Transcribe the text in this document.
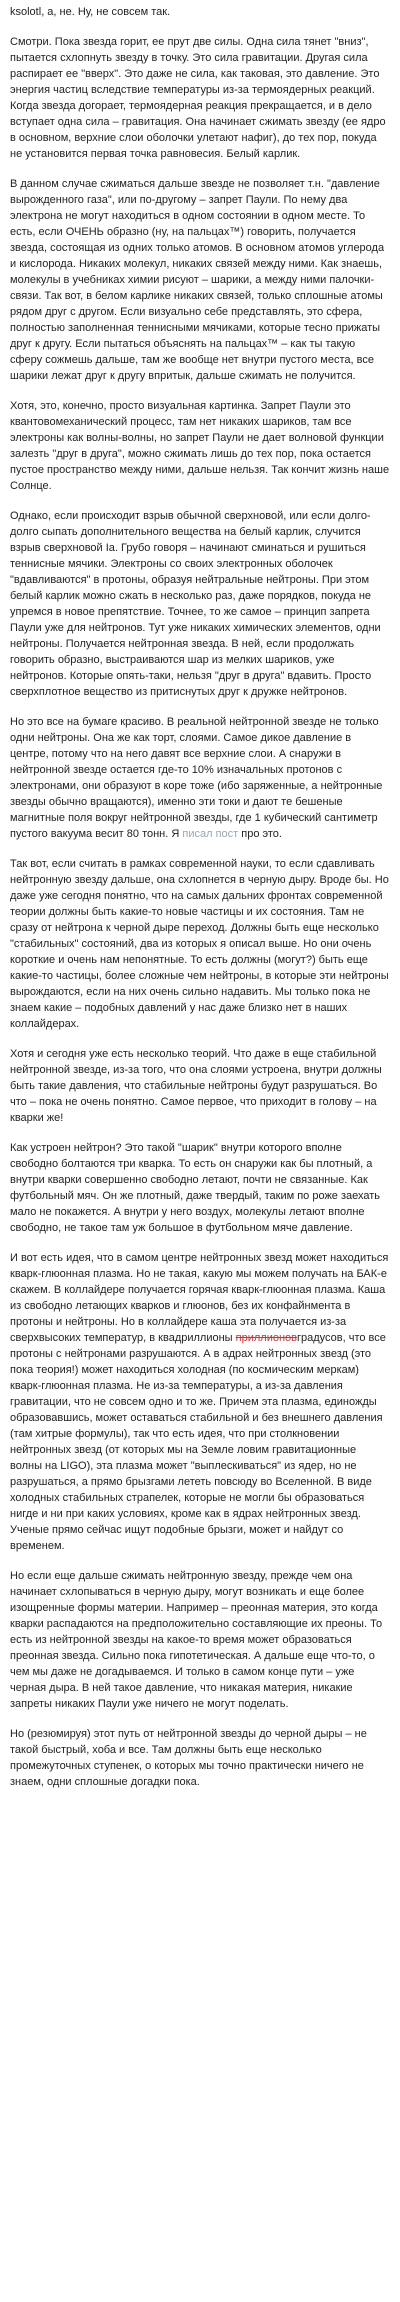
ksolotl, а, не. Ну, не совсем так.

Смотри. Пока звезда горит, ее прут две силы. Одна сила тянет "вниз", пытается схлопнуть звезду в точку. Это сила гравитации. Другая сила распирает ее "вверх". Это даже не сила, как таковая, это давление. Это энергия частиц вследствие температуры из-за термоядерных реакций. Когда звезда догорает, термоядерная реакция прекращается, и в дело вступает одна сила – гравитация. Она начинает сжимать звезду (ее ядро в основном, верхние слои оболочки улетают нафиг), до тех пор, покуда не установится первая точка равновесия. Белый карлик.

В данном случае сжиматься дальше звезде не позволяет т.н. "давление вырожденного газа", или по-другому – запрет Паули. По нему два электрона не могут находиться в одном состоянии в одном месте. То есть, если ОЧЕНЬ образно (ну, на пальцах™) говорить, получается звезда, состоящая из одних только атомов. В основном атомов углерода и кислорода. Никаких молекул, никаких связей между ними. Как знаешь, молекулы в учебниках химии рисуют – шарики, а между ними палочки-связи. Так вот, в белом карлике никаких связей, только сплошные атомы рядом друг с другом. Если визуально себе представлять, это сфера, полностью заполненная теннисными мячиками, которые тесно прижаты друг к другу. Если пытаться объяснять на пальцах™ – как ты такую сферу сожмешь дальше, там же вообще нет внутри пустого места, все шарики лежат друг к другу впритык, дальше сжимать не получится.

Хотя, это, конечно, просто визуальная картинка. Запрет Паули это квантовомеханический процесс, там нет никаких шариков, там все электроны как волны-волны, но запрет Паули не дает волновой функции залезть "друг в друга", можно сжимать лишь до тех пор, пока остается пустое пространство между ними, дальше нельзя. Так кончит жизнь наше Солнце.

Однако, если происходит взрыв обычной сверхновой, или если долго-долго сыпать дополнительного вещества на белый карлик, случится взрыв сверхновой Ia. Грубо говоря – начинают сминаться и рушиться теннисные мячики. Электроны со своих электронных оболочек "вдавливаются" в протоны, образуя нейтральные нейтроны. При этом белый карлик можно сжать в несколько раз, даже порядков, покуда не упремся в новое препятствие. Точнее, то же самое – принцип запрета Паули уже для нейтронов. Тут уже никаких химических элементов, одни нейтроны. Получается нейтронная звезда. В ней, если продолжать говорить образно, выстраиваются шар из мелких шариков, уже нейтронов. Которые опять-таки, нельзя "друг в друга" вдавить. Просто сверхплотное вещество из притиснутых друг к дружке нейтронов.

Но это все на бумаге красиво. В реальной нейтронной звезде не только одни нейтроны. Она же как торт, слоями. Самое дикое давление в центре, потому что на него давят все верхние слои. А снаружи в нейтронной звезде остается где-то 10% изначальных протонов с электронами, они образуют в коре тоже (ибо заряженные, а нейтронные звезды обычно вращаются), именно эти токи и дают те бешеные магнитные поля вокруг нейтронной звезды, где 1 кубический сантиметр пустого вакуума весит 80 тонн. Я писал пост про это.

Так вот, если считать в рамках современной науки, то если сдавливать нейтронную звезду дальше, она схлопнется в черную дыру. Вроде бы. Но даже уже сегодня понятно, что на самых дальних фронтах современной теории должны быть какие-то новые частицы и их состояния. Там не сразу от нейтрона к черной дыре переход. Должны быть еще несколько "стабильных" состояний, два из которых я описал выше. Но они очень короткие и очень нам непонятные. То есть должны (могут?) быть еще какие-то частицы, более сложные чем нейтроны, в которые эти нейтроны вырождаются, если на них очень сильно надавить. Мы только пока не знаем какие – подобных давлений у нас даже близко нет в наших коллайдерах.

Хотя и сегодня уже есть несколько теорий. Что даже в еще стабильной нейтронной звезде, из-за того, что она слоями устроена, внутри должны быть такие давления, что стабильные нейтроны будут разрушаться. Во что – пока не очень понятно. Самое первое, что приходит в голову – на кварки же!

Как устроен нейтрон? Это такой "шарик" внутри которого вполне свободно болтаются три кварка. То есть он снаружи как бы плотный, а внутри кварки совершенно свободно летают, почти не связанные. Как футбольный мяч. Он же плотный, даже твердый, таким по роже заехать мало не покажется. А внутри у него воздух, молекулы летают вполне свободно, не такое там уж большое в футбольном мяче давление.

И вот есть идея, что в самом центре нейтронных звезд может находиться кварк-глюонная плазма. Но не такая, какую мы можем получать на БАК-е скажем. В коллайдере получается горячая кварк-глюонная плазма. Каша из свободно летающих кварков и глюонов, без их конфайнмента в протоны и нейтроны. Но в коллайдере каша эта получается из-за сверхвысоких температур, в квадриллионы приллионовградусов, что все протоны с нейтронами разрушаются. А в адрах нейтронных звезд (это пока теория!) может находиться холодная (по космическим меркам) кварк-глюонная плазма. Не из-за температуры, а из-за давления гравитации, что не совсем одно и то же. Причем эта плазма, единожды образовавшись, может оставаться стабильной и без внешнего давления (там хитрые формулы), так что есть идея, что при столкновении нейтронных звезд (от которых мы на Земле ловим гравитационные волны на LIGO), эта плазма может "выплескиваться" из ядер, но не разрушаться, а прямо брызгами лететь повсюду во Вселенной. В виде холодных стабильных страпелек, которые не могли бы образоваться нигде и ни при каких условиях, кроме как в ядрах нейтронных звезд. Ученые прямо сейчас ищут подобные брызги, может и найдут со временем.

Но если еще дальше сжимать нейтронную звезду, прежде чем она начинает схлопываться в черную дыру, могут возникать и еще более изощренные формы материи. Например – преонная материя, это когда кварки распадаются на предположительно составляющие их преоны. То есть из нейтронной звезды на какое-то время может образоваться преонная звезда. Сильно пока гипотетическая. А дальше еще что-то, о чем мы даже не догадываемся. И только в самом конце пути – уже черная дыра. В ней такое давление, что никакая материя, никакие запреты никаких Паули уже ничего не могут поделать.

Но (резюмируя) этот путь от нейтронной звезды до черной дыры – не такой быстрый, хоба и все. Там должны быть еще несколько промежуточных ступенек, о которых мы точно практически ничего не знаем, одни сплошные догадки пока.
